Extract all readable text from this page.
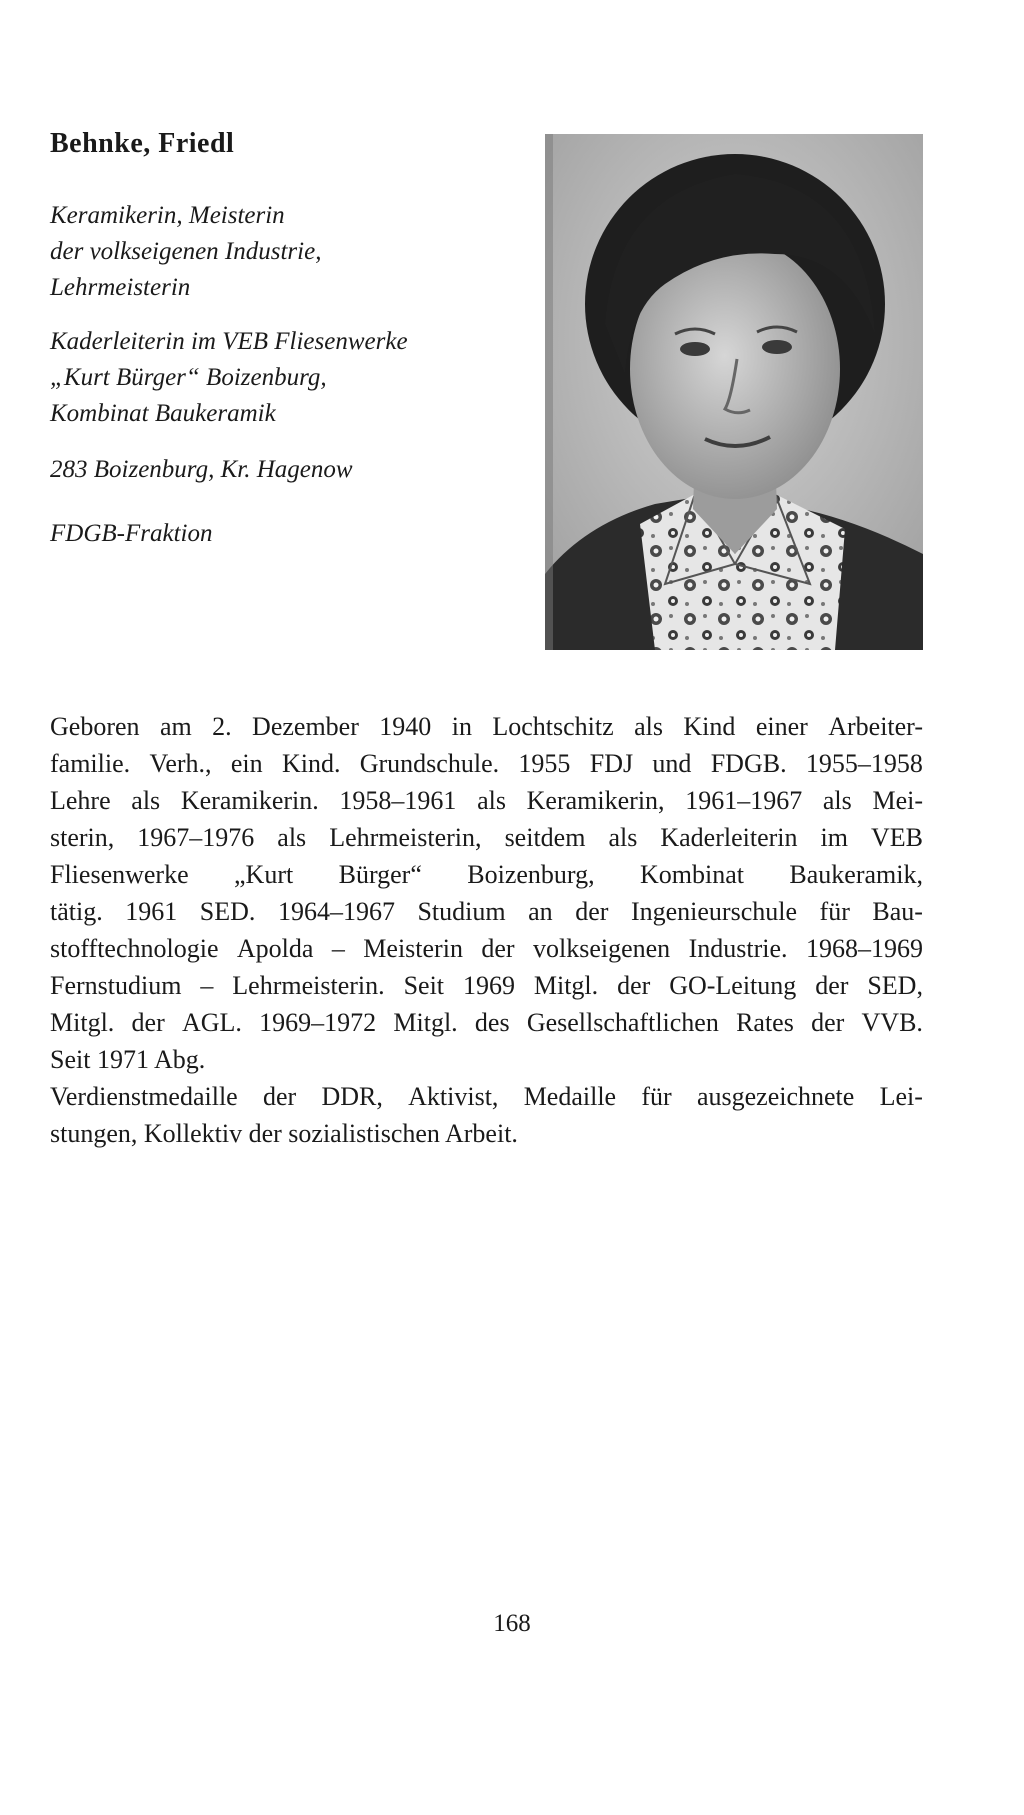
Behnke, Friedl
Keramikerin, Meisterin
der volkseigenen Industrie,
Lehrmeisterin
Kaderleiterin im VEB Fliesenwerke
„Kurt Bürger“ Boizenburg,
Kombinat Baukeramik
283 Boizenburg, Kr. Hagenow
FDGB-Fraktion
Geboren am 2. Dezember 1940 in Lochtschitz als Kind einer Arbeiter-
familie. Verh., ein Kind. Grundschule. 1955 FDJ und FDGB. 1955–1958
Lehre als Keramikerin. 1958–1961 als Keramikerin, 1961–1967 als Mei-
sterin, 1967–1976 als Lehrmeisterin, seitdem als Kaderleiterin im VEB
Fliesenwerke „Kurt Bürger“ Boizenburg, Kombinat Baukeramik,
tätig. 1961 SED. 1964–1967 Studium an der Ingenieurschule für Bau-
stofftechnologie Apolda – Meisterin der volkseigenen Industrie. 1968–1969
Fernstudium – Lehrmeisterin. Seit 1969 Mitgl. der GO-Leitung der SED,
Mitgl. der AGL. 1969–1972 Mitgl. des Gesellschaftlichen Rates der VVB.
Seit 1971 Abg.
Verdienstmedaille der DDR, Aktivist, Medaille für ausgezeichnete Lei-
stungen, Kollektiv der sozialistischen Arbeit.
168
